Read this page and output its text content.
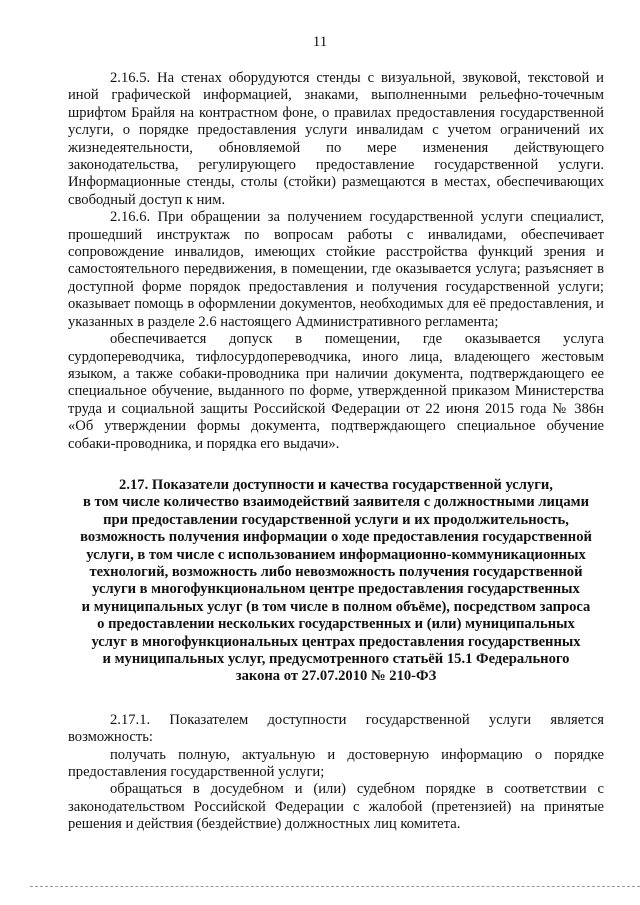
11

2.16.5. На стенах оборудуются стенды с визуальной, звуковой, текстовой и иной графической информацией, знаками, выполненными рельефно-точечным шрифтом Брайля на контрастном фоне, о правилах предоставления государственной услуги, о порядке предоставления услуги инвалидам с учетом ограничений их жизнедеятельности, обновляемой по мере изменения действующего законодательства, регулирующего предоставление государственной услуги. Информационные стенды, столы (стойки) размещаются в местах, обеспечивающих свободный доступ к ним.

2.16.6. При обращении за получением государственной услуги специалист, прошедший инструктаж по вопросам работы с инвалидами, обеспечивает сопровождение инвалидов, имеющих стойкие расстройства функций зрения и самостоятельного передвижения, в помещении, где оказывается услуга; разъясняет в доступной форме порядок предоставления и получения государственной услуги; оказывает помощь в оформлении документов, необходимых для её предоставления, и указанных в разделе 2.6 настоящего Административного регламента;

обеспечивается допуск в помещении, где оказывается услуга сурдопереводчика, тифлосурдопереводчика, иного лица, владеющего жестовым языком, а также собаки-проводника при наличии документа, подтверждающего ее специальное обучение, выданного по форме, утвержденной приказом Министерства труда и социальной защиты Российской Федерации от 22 июня 2015 года № 386н «Об утверждении формы документа, подтверждающего специальное обучение собаки-проводника, и порядка его выдачи».

2.17. Показатели доступности и качества государственной услуги,
в том числе количество взаимодействий заявителя с должностными лицами
при предоставлении государственной услуги и их продолжительность,
возможность получения информации о ходе предоставления государственной
услуги, в том числе с использованием информационно-коммуникационных
технологий, возможность либо невозможность получения государственной
услуги в многофункциональном центре предоставления государственных
и муниципальных услуг (в том числе в полном объёме), посредством запроса
о предоставлении нескольких государственных и (или) муниципальных
услуг в многофункциональных центрах предоставления государственных
и муниципальных услуг, предусмотренного статьёй 15.1 Федерального
закона от 27.07.2010 № 210-ФЗ

2.17.1. Показателем доступности государственной услуги является возможность:

получать полную, актуальную и достоверную информацию о порядке предоставления государственной услуги;

обращаться в досудебном и (или) судебном порядке в соответствии с законодательством Российской Федерации с жалобой (претензией) на принятые решения и действия (бездействие) должностных лиц комитета.
